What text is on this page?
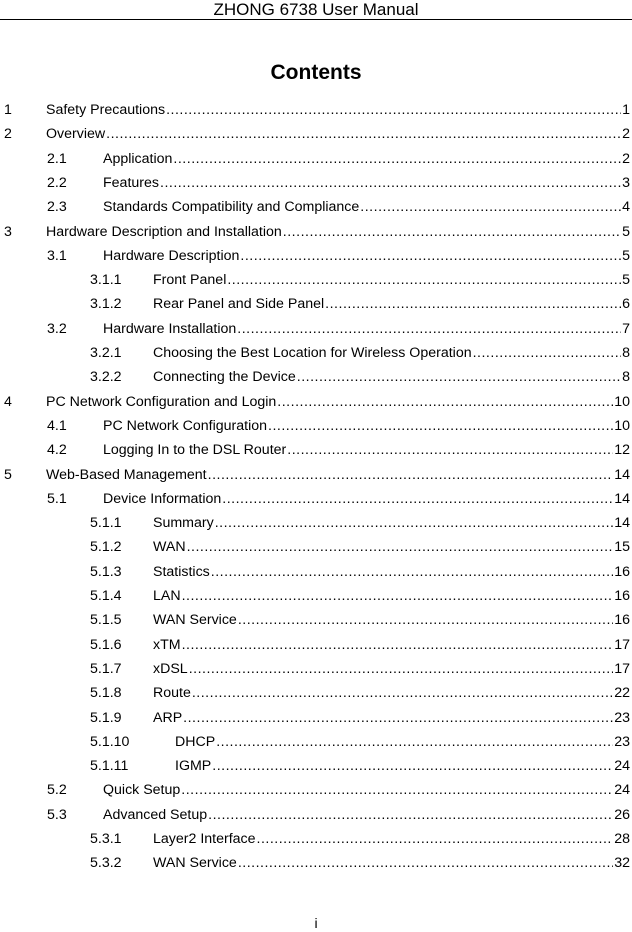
ZHONG 6738 User Manual
Contents
1 Safety Precautions .....	1
2 Overview .....	2
2.1	Application .....	2
2.2	Features .....	3
2.3	Standards Compatibility and Compliance .....	4
3 Hardware Description and Installation .....	5
3.1	Hardware Description .....	5
3.1.1 Front Panel .....	5
3.1.2 Rear Panel and Side Panel .....	6
3.2	Hardware Installation .....	7
3.2.1 Choosing the Best Location for Wireless Operation .....	8
3.2.2 Connecting the Device .....	8
4 PC Network Configuration and Login .....	10
4.1	PC Network Configuration .....	10
4.2	Logging In to the DSL Router .....	12
5 Web-Based Management .....	14
5.1	Device Information .....	14
5.1.1 Summary .....	14
5.1.2 WAN .....	15
5.1.3 Statistics .....	16
5.1.4 LAN .....	16
5.1.5 WAN Service .....	16
5.1.6 xTM .....	17
5.1.7 xDSL .....	17
5.1.8 Route .....	22
5.1.9 ARP .....	23
5.1.10	DHCP .....	23
5.1.11	IGMP .....	24
5.2	Quick Setup .....	24
5.3	Advanced Setup .....	26
5.3.1 Layer2 Interface .....	28
5.3.2 WAN Service .....	32
i
